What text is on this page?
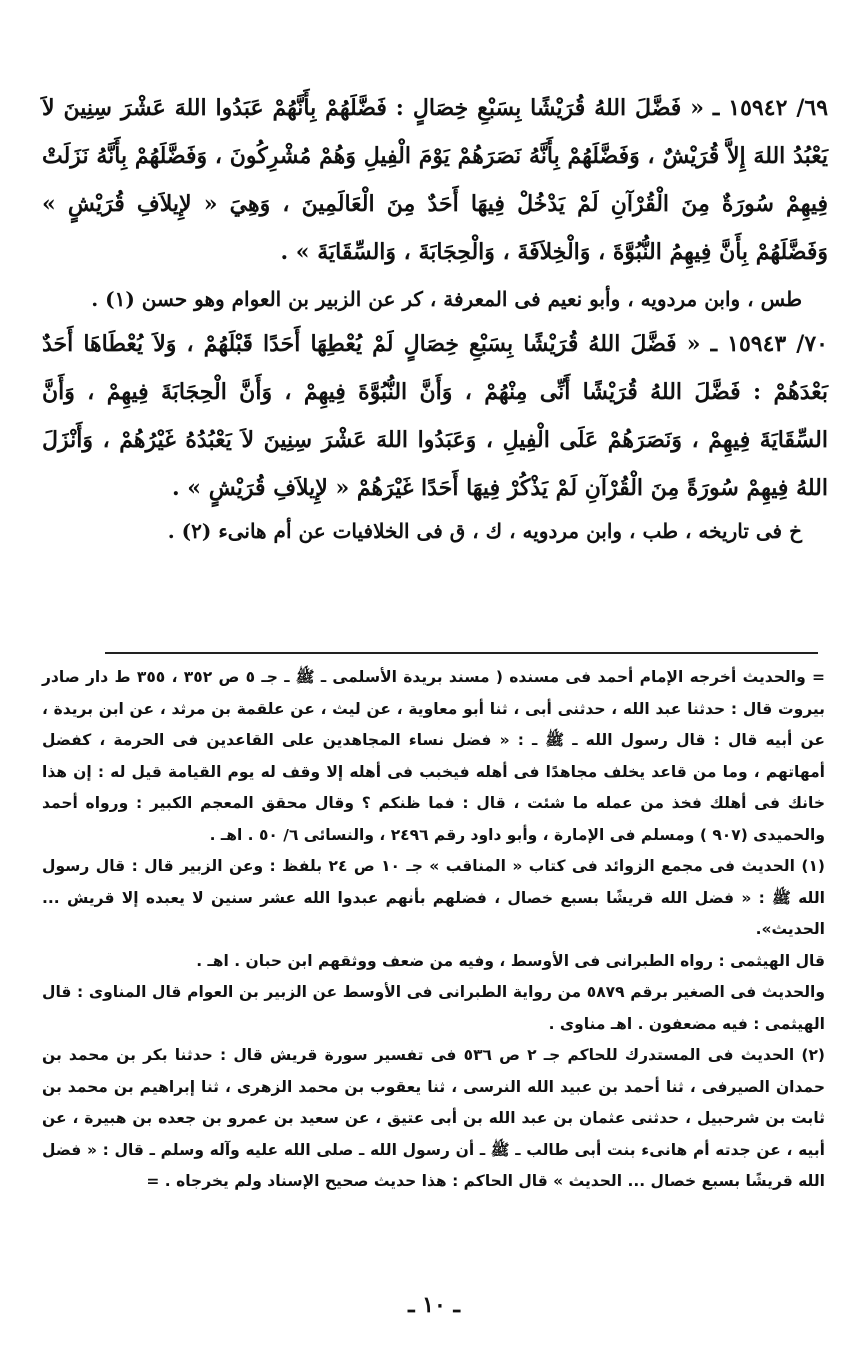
٦٩/ ١٥٩٤٢ ـ « فَضَّلَ اللهُ قُرَيْشًا بِسَبْعِ خِصَالٍ : فَضَّلَهُمْ بِأَنَّهُمْ عَبَدُوا اللهَ عَشْرَ سِنِينَ لاَ يَعْبُدُ اللهَ إِلاَّ قُرَيْشٌ ، وَفَضَّلَهُمْ بِأَنَّهُ نَصَرَهُمْ يَوْمَ الْفِيلِ وَهُمْ مُشْرِكُونَ ، وَفَضَّلَهُمْ بِأَنَّهُ نَزَلَتْ فِيهِمْ سُورَةٌ مِنَ الْقُرْآنِ لَمْ يَدْخُلْ فِيهَا أَحَدٌ مِنَ الْعَالَمِينَ ، وَهِيَ « لإِيلاَفِ قُرَيْشٍ » وَفَضَّلَهُمْ بِأَنَّ فِيهِمُ النُّبُوَّةَ ، وَالْخِلاَفَةَ ، وَالْحِجَابَةَ ، وَالسِّقَايَةَ » .

طس ، وابن مردويه ، وأبو نعيم فى المعرفة ، كر عن الزبير بن العوام وهو حسن (١) .

٧٠/ ١٥٩٤٣ ـ « فَضَّلَ اللهُ قُرَيْشًا بِسَبْعِ خِصَالٍ لَمْ يُعْطِهَا أَحَدًا قَبْلَهُمْ ، وَلاَ يُعْطَاهَا أَحَدٌ بَعْدَهُمْ : فَضَّلَ اللهُ قُرَيْشًا أَنِّى مِنْهُمْ ، وَأَنَّ النُّبُوَّةَ فِيهِمْ ، وَأَنَّ الْحِجَابَةَ فِيهِمْ ، وَأَنَّ السِّقَايَةَ فِيهِمْ ، وَنَصَرَهُمْ عَلَى الْفِيلِ ، وَعَبَدُوا اللهَ عَشْرَ سِنِينَ لاَ يَعْبُدُهُ غَيْرُهُمْ ، وَأَنْزَلَ اللهُ فِيهِمْ سُورَةً مِنَ الْقُرْآنِ لَمْ يَذْكُرْ فِيهَا أَحَدًا غَيْرَهُمْ « لإِيلاَفِ قُرَيْشٍ » .

خ فى تاريخه ، طب ، وابن مردويه ، ك ، ق فى الخلافيات عن أم هانىء (٢) .

= والحديث أخرجه الإمام أحمد فى مسنده ( مسند بريدة الأسلمى ـ ﷺ ـ جـ ٥ ص ٣٥٢ ، ٣٥٥ ط دار صادر بيروت قال : حدثنا عبد الله ، حدثنى أبى ، ثنا أبو معاوية ، عن ليث ، عن علقمة بن مرثد ، عن ابن بريدة ، عن أبيه قال : قال رسول الله ـ ﷺ ـ : « فضل نساء المجاهدين على القاعدين فى الحرمة ، كفضل أمهاتهم ، وما من قاعد يخلف مجاهدًا فى أهله فيخبب فى أهله إلا وقف له يوم القيامة قيل له : إن هذا خانك فى أهلك فخذ من عمله ما شئت ، قال : فما ظنكم ؟ وقال محقق المعجم الكبير : ورواه أحمد والحميدى (٩٠٧ ) ومسلم فى الإمارة ، وأبو داود رقم ٢٤٩٦ ، والنسائى ٦/ ٥٠ . اهـ .

(١) الحديث فى مجمع الزوائد فى كتاب « المناقب » جـ ١٠ ص ٢٤ بلفظ : وعن الزبير قال : قال رسول الله ﷺ : « فضل الله قريشًا بسبع خصال ، فضلهم بأنهم عبدوا الله عشر سنين لا يعبده إلا قريش ... الحديث».

قال الهيثمى : رواه الطبرانى فى الأوسط ، وفيه من ضعف ووثقهم ابن حبان . اهـ .

والحديث فى الصغير برقم ٥٨٧٩ من رواية الطبرانى فى الأوسط عن الزبير بن العوام قال المناوى : قال الهيثمى : فيه مضعفون . اهـ مناوى .

(٢) الحديث فى المستدرك للحاكم جـ ٢ ص ٥٣٦ فى تفسير سورة قريش قال : حدثنا بكر بن محمد بن حمدان الصيرفى ، ثنا أحمد بن عبيد الله النرسى ، ثنا يعقوب بن محمد الزهرى ، ثنا إبراهيم بن محمد بن ثابت بن شرحبيل ، حدثنى عثمان بن عبد الله بن أبى عتيق ، عن سعيد بن عمرو بن جعده بن هبيرة ، عن أبيه ، عن جدته أم هانىء بنت أبى طالب ـ ﷺ ـ أن رسول الله ـ صلى الله عليه وآله وسلم ـ قال : « فضل الله قريشًا بسبع خصال ... الحديث » قال الحاكم : هذا حديث صحيح الإسناد ولم يخرجاه . =

ـ ١٠ ـ
